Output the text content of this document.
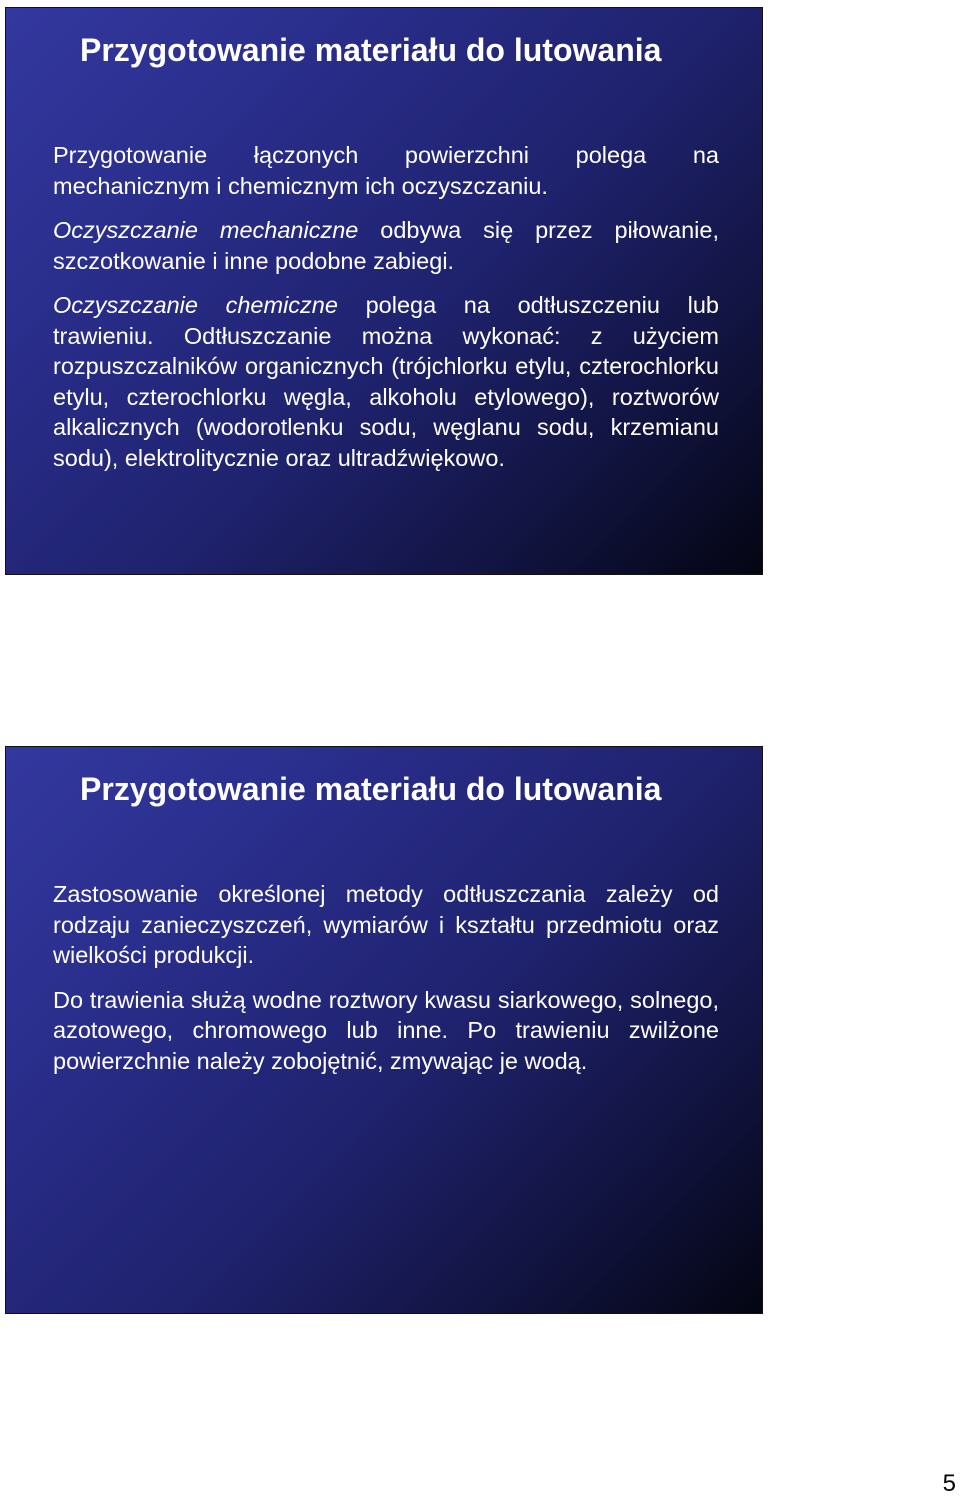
Przygotowanie materiału do lutowania

Przygotowanie łączonych powierzchni polega na mechanicznym i chemicznym ich oczyszczaniu.

Oczyszczanie mechaniczne odbywa się przez piłowanie, szczotkowanie i inne podobne zabiegi.

Oczyszczanie chemiczne polega na odtłuszczeniu lub trawieniu. Odtłuszczanie można wykonać: z użyciem rozpuszczalników organicznych (trójchlorku etylu, czterochlorku etylu, czterochlorku węgla, alkoholu etylowego), roztworów alkalicznych (wodorotlenku sodu, węglanu sodu, krzemianu sodu), elektrolitycznie oraz ultradźwiękowo.

Przygotowanie materiału do lutowania

Zastosowanie określonej metody odtłuszczania zależy od rodzaju zanieczyszczeń, wymiarów i kształtu przedmiotu oraz wielkości produkcji.

Do trawienia służą wodne roztwory kwasu siarkowego, solnego, azotowego, chromowego lub inne. Po trawieniu zwilżone powierzchnie należy zobojętnić, zmywając je wodą.

5
